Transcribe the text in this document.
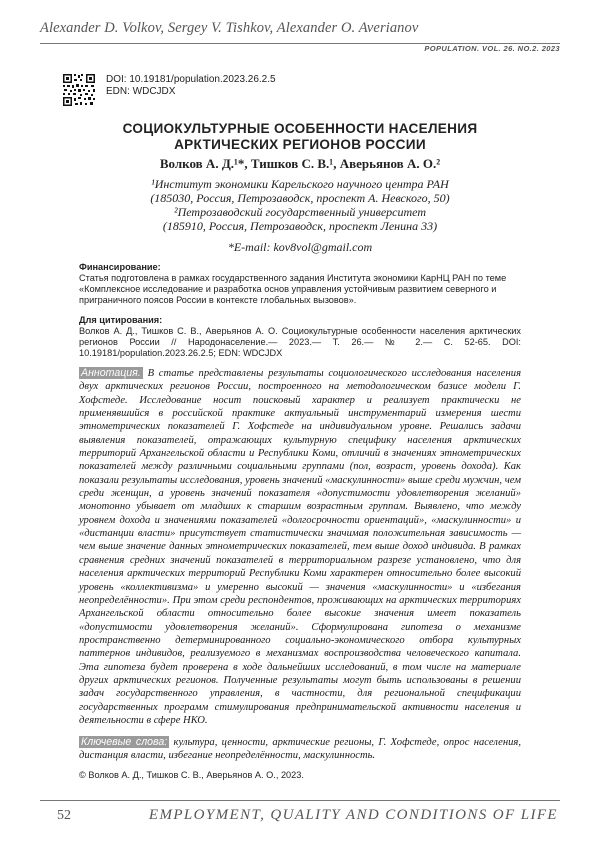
Alexander D. Volkov, Sergey V. Tishkov, Alexander O. Averianov
POPULATION. VOL. 26. NO.2. 2023
DOI: 10.19181/population.2023.26.2.5
EDN: WDCJDX
СОЦИОКУЛЬТУРНЫЕ ОСОБЕННОСТИ НАСЕЛЕНИЯ
АРКТИЧЕСКИХ РЕГИОНОВ РОССИИ
Волков А. Д.¹*, Тишков С. В.¹, Аверьянов А. О.²
¹Институт экономики Карельского научного центра РАН
(185030, Россия, Петрозаводск, проспект А. Невского, 50)
²Петрозаводский государственный университет
(185910, Россия, Петрозаводск, проспект Ленина 33)
*E-mail: kov8vol@gmail.com
Финансирование:
Статья подготовлена в рамках государственного задания Института экономики КарНЦ РАН по теме «Комплексное исследование и разработка основ управления устойчивым развитием северного и приграничного поясов России в контексте глобальных вызовов».
Для цитирования:
Волков А. Д., Тишков С. В., Аверьянов А. О. Социокультурные особенности населения арктических регионов России // Народонаселение.— 2023.— Т. 26.— № 2.— С. 52-65. DOI: 10.19181/population.2023.26.2.5; EDN: WDCJDX
Аннотация. В статье представлены результаты социологического исследования населения двух арктических регионов России, построенного на методологическом базисе модели Г. Хофстеде. Исследование носит поисковый характер и реализует практически не применявшийся в российской практике актуальный инструментарий измерения шести этнометрических показателей Г. Хофстеде на индивидуальном уровне. Решались задачи выявления показателей, отражающих культурную специфику населения арктических территорий Архангельской области и Республики Коми, отличий в значениях этнометрических показателей между различными социальными группами (пол, возраст, уровень дохода). Как показали результаты исследования, уровень значений «маскулинности» выше среди мужчин, чем среди женщин, а уровень значений показателя «допустимости удовлетворения желаний» монотонно убывает от младших к старшим возрастным группам. Выявлено, что между уровнем дохода и значениями показателей «долгосрочности ориентаций», «маскулинности» и «дистанции власти» присутствует статистически значимая положительная зависимость — чем выше значение данных этнометрических показателей, тем выше доход индивида. В рамках сравнения средних значений показателей в территориальном разрезе установлено, что для населения арктических территорий Республики Коми характерен относительно более высокий уровень «коллективизма» и умеренно высокий — значения «маскулинности» и «избегания неопределённости». При этом среди респондентов, проживающих на арктических территориях Архангельской области относительно более высокие значения имеет показатель «допустимости удовлетворения желаний». Сформулирована гипотеза о механизме пространственно детерминированного социально-экономического отбора культурных паттернов индивидов, реализуемого в механизмах воспроизводства человеческого капитала. Эта гипотеза будет проверена в ходе дальнейших исследований, в том числе на материале других арктических регионов. Полученные результаты могут быть использованы в решении задач государственного управления, в частности, для региональной спецификации государственных программ стимулирования предпринимательской активности населения и деятельности в сфере НКО.
Ключевые слова: культура, ценности, арктические регионы, Г. Хофстеде, опрос населения, дистанция власти, избегание неопределённости, маскулинность.
© Волков А. Д., Тишков С. В., Аверьянов А. О., 2023.
52	EMPLOYMENT, QUALITY AND CONDITIONS OF LIFE
